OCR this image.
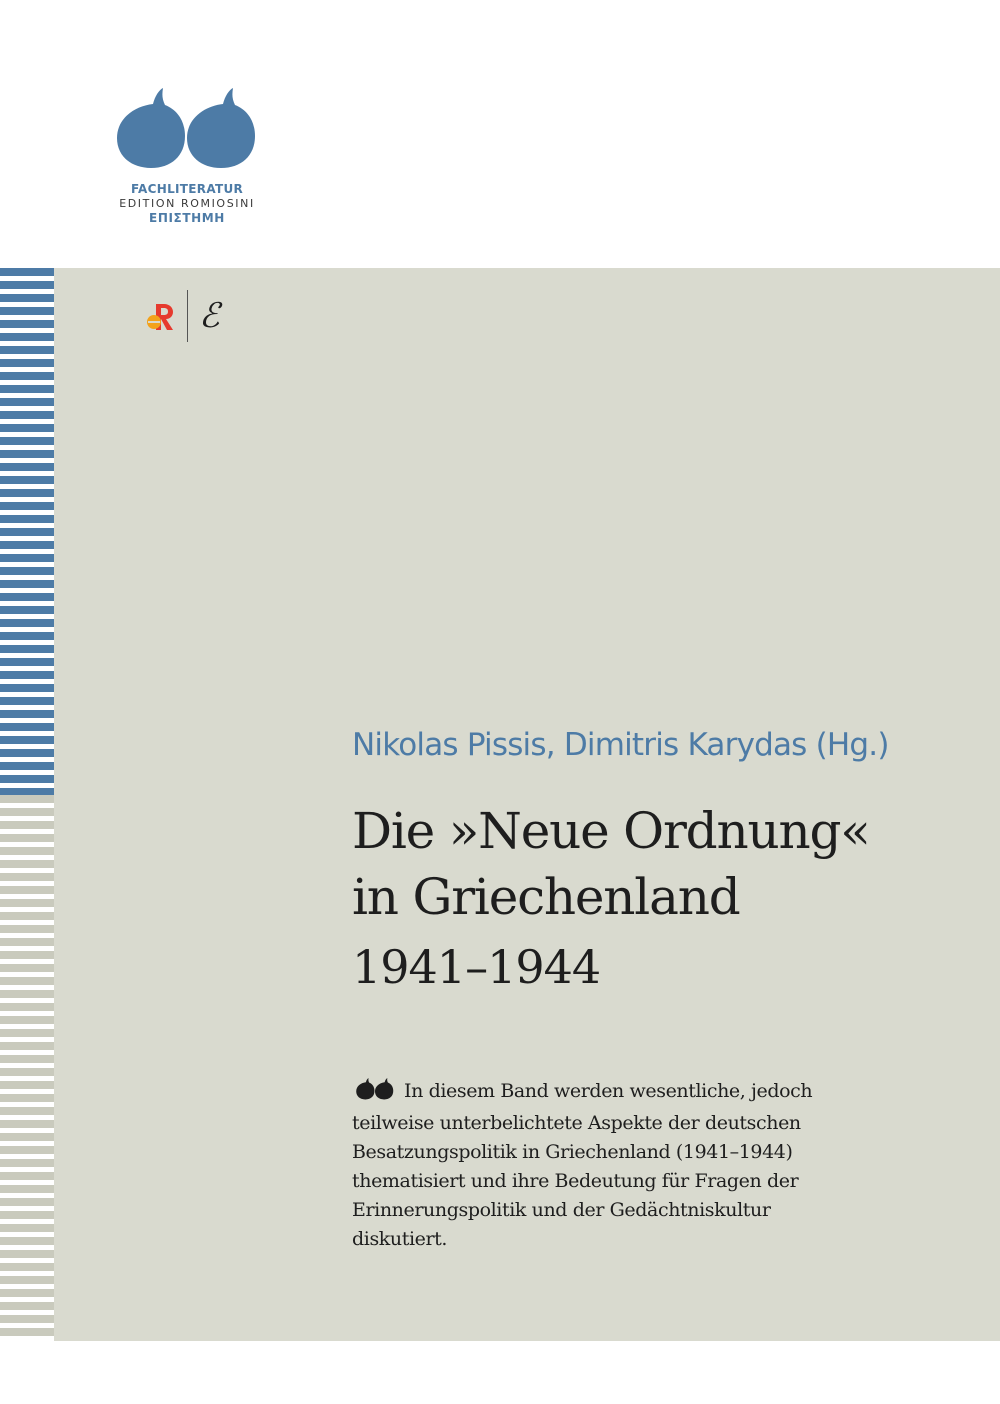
FACHLITERATUR
EDITION ROMIOSINI
ΕΠΙΣΤΗΜΗ
ℰ
Nikolas Pissis, Dimitris Karydas (Hg.)
Die »Neue Ordnung«
in Griechenland
1941–1944
In diesem Band werden wesentliche, jedoch
teilweise unterbelichtete Aspekte der deutschen
Besatzungspolitik in Griechenland (1941–1944)
thematisiert und ihre Bedeutung für Fragen der
Erinnerungspolitik und der Gedächtniskultur
diskutiert.
